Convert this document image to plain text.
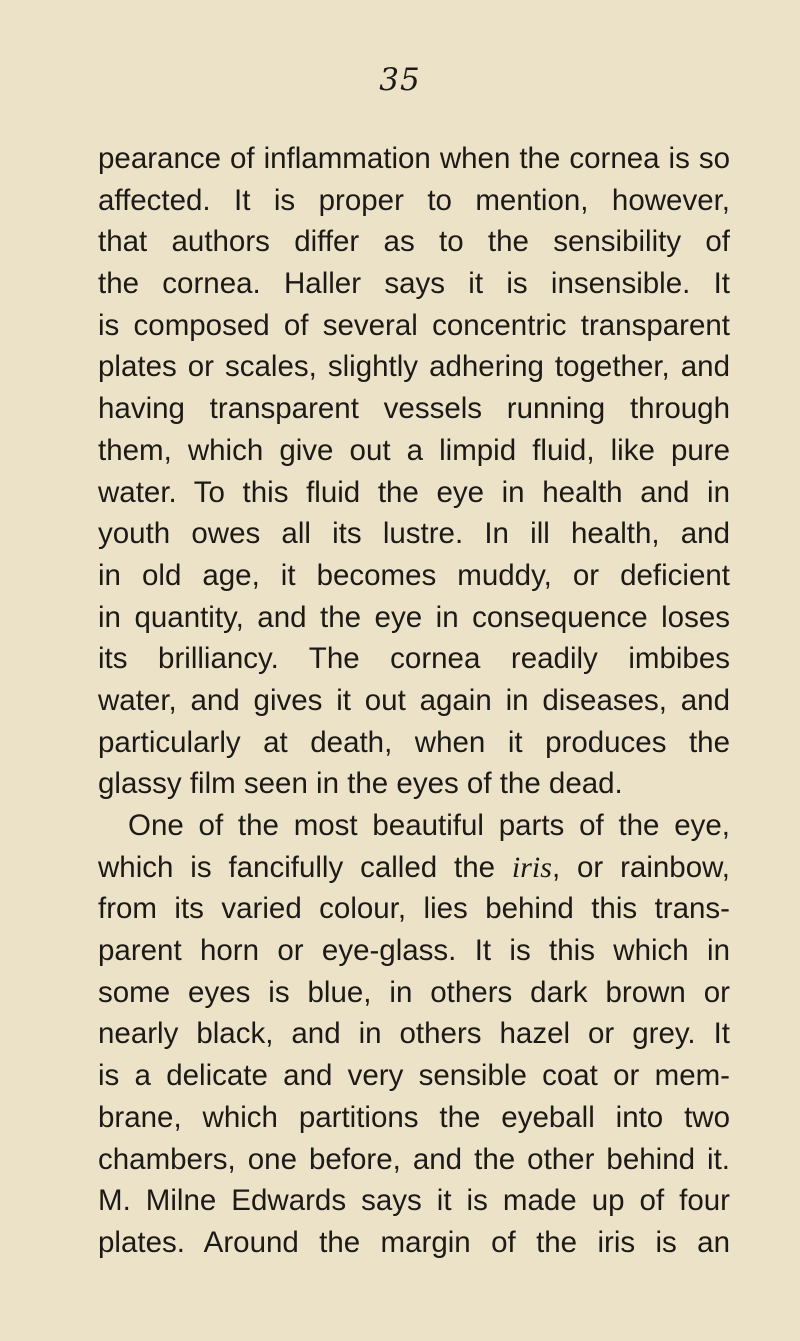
35
pearance of inflammation when the cornea is so
affected. It is proper to mention, however,
that authors differ as to the sensibility of
the cornea. Haller says it is insensible. It
is composed of several concentric transparent
plates or scales, slightly adhering together, and
having transparent vessels running through
them, which give out a limpid fluid, like pure
water. To this fluid the eye in health and in
youth owes all its lustre. In ill health, and
in old age, it becomes muddy, or deficient
in quantity, and the eye in consequence loses
its brilliancy. The cornea readily imbibes
water, and gives it out again in diseases, and
particularly at death, when it produces the
glassy film seen in the eyes of the dead.
One of the most beautiful parts of the eye,
which is fancifully called the iris, or rainbow,
from its varied colour, lies behind this trans-
parent horn or eye-glass. It is this which in
some eyes is blue, in others dark brown or
nearly black, and in others hazel or grey. It
is a delicate and very sensible coat or mem-
brane, which partitions the eyeball into two
chambers, one before, and the other behind it.
M. Milne Edwards says it is made up of four
plates. Around the margin of the iris is an
